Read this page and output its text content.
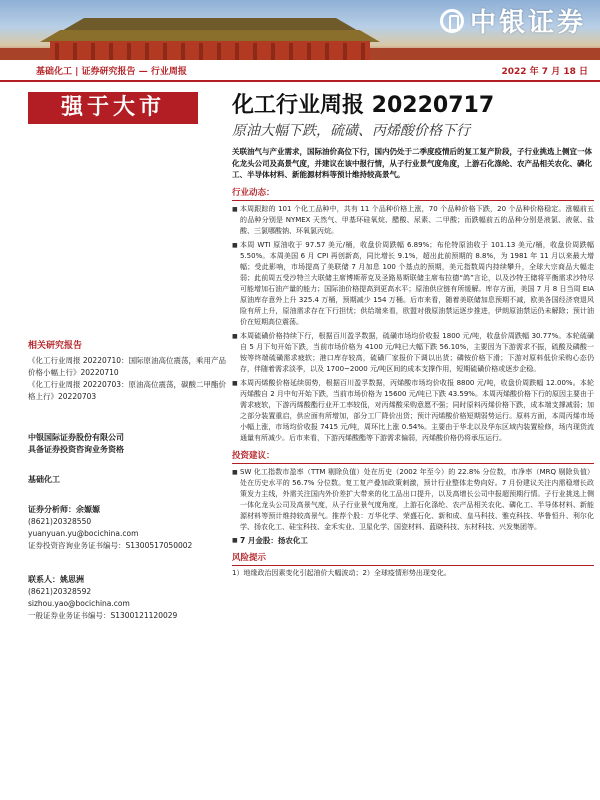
中银证券
基础化工 | 证券研究报告 — 行业周报	2022 年 7 月 18 日
强于大市
相关研究报告
《化工行业周报 20220710：国际原油高位震荡，乘用产品价格小幅上行》20220710
《化工行业周报 20220703：原油高位震荡，碳酸二甲酯价格上行》20220703
中银国际证券股份有限公司
具备证券投资咨询业务资格
基础化工
证券分析师：余嫄嫄
(8621)20328550
yuanyuan.yu@bocichina.com
证券投资咨询业务证书编号：S1300517050002
联系人：姚思洲
(8621)20328592
sizhou.yao@bocichina.com
一般证券业务证书编号：S1300121120029
化工行业周报 20220717
原油大幅下跌，硫磺、丙烯酸价格下行
关联油气与产业需求，国际油价高位下行，国内仍处于二季度疫情后的复工复产阶段，子行业挑选上侧宜一体化龙头公司及高景气度，并建议在该中报行情，从子行业景气度角度，上游石化涤纶、农产品相关农化、磷化工、半导体材料、新能源材料等预计维持较高景气。
行业动态：
■ 本周跟踪的 101 个化工品种中，共有 11 个品种价格上涨，70 个品种价格下跌，20 个品种价格稳定。涨幅前五的品种分别是 NYMEX 天然气、甲基环硅氧烷、醋酸、尿素、二甲酸；而跌幅前五的品种分别是液氯、液氨、盐酸、三氯哪酸钠、环氧氯丙烷。
■ 本周 WTI 原油收于 97.57 美元/桶，收盘价周跌幅 6.89%；布伦特原油收于 101.13 美元/桶，收盘价周跌幅 5.50%。本周美国 6 月 CPI 再创新高，同比增长 9.1%，超出此前预期的 8.8%，为 1981 年 11 月以来最大增幅；受此影响，市场提高了美联储 7 月加息 100 个基点的预期，美元指数周内持续攀升，全球大宗商品大幅走弱；此前周五受沙特兰大联储主席博斯蒂克及圣路易斯联储主席布拉德“鸽”言论，以及沙特王储将平衡需求沙特尽可能增加石油产量的能力；国际油价格提高到更高水平；原油供应链有所缓解。库存方面，美国 7 月 8 日当周 EIA 原油库存意外上升 325.4 万桶，预期减少 154 万桶。后市来看，随着美联储加息预期不减，欧美各国经济衰退风险有所上升，原油需求存在下行担忧；供给端来看，欧盟对俄原油禁运逐步推进，伊朗原油禁运仍未解除；预计油价在短期高位震荡。
■ 本周硫磺价格持续下行，根据百川盈孚数据，硫磺市场均价收报 1800 元/吨，收盘价周跌幅 30.77%。本轮硫磺自 5 月下旬开始下跌，当前市场价格为 4100 元/吨已大幅下跌 56.10%，主要因为下游需求不振，硫酸及磷酸一铵等终端硫磺需求疲软；港口库存较高，硫磺厂家报价下调以出货；磷铵价格下滑；下游对原料低价采购心态仍存，伴随着需求淡季，以及 1700~2000 元/吨区间的成本支撑作用，短期硫磺价格或逐步企稳。
■ 本周丙烯酸价格延续弱势，根据百川盈孚数据，丙烯酸市场均价收报 8800 元/吨，收盘价周跌幅 12.00%。本轮丙烯酸自 2 月中旬开始下跌，当前市场价格为 15600 元/吨已下跌 43.59%。本周丙烯酸价格下行的原因主要由于需求疲软，下游丙烯酸酯行业开工率较低，对丙烯酸采购意愿不强；同时原料丙烯价格下跌，成本端支撑减弱；加之部分装置重启，供应面有所增加，部分工厂降价出货；预计丙烯酸价格短期弱势运行。原料方面，本周丙烯市场小幅上涨，市场均价收报 7415 元/吨，周环比上涨 0.54%。主要由于华北以及华东区域内装置检修，场内现货流通量有所减少。后市来看，下游丙烯酸酯等下游需求偏弱，丙烯酸价格仍将承压运行。
投资建议：
■ SW 化工指数市盈率（TTM 剔除负值）处在历史（2002 年至今）的 22.8% 分位数，市净率（MRQ 剔除负值）处在历史水平的 56.7% 分位数。复工复产叠加政策刺激，预计行业整体走势向好。7 月份建议关注内需稳增长政策发力主线，外需关注国内外价差扩大带来的化工品出口提升，以及高增长公司中报超预期行情。子行业挑选上侧一体化龙头公司及高景气度，从子行业景气度角度，上游石化涤纶、农产品相关农化、磷化工、半导体材料、新能源材料等预计维持较高景气。推荐个股：万华化学、荣盛石化、新和成、皇马科技、雅克科技、华鲁恒升、利尔化学、扬农化工、硅宝科技、金禾实业、卫星化学、国瓷材料、蓝晓科技、东材科技、兴发集团等。
■ 7 月金股：扬农化工
风险提示
1）地缘政治因素变化引起油价大幅波动；2）全球疫情形势出现变化。
